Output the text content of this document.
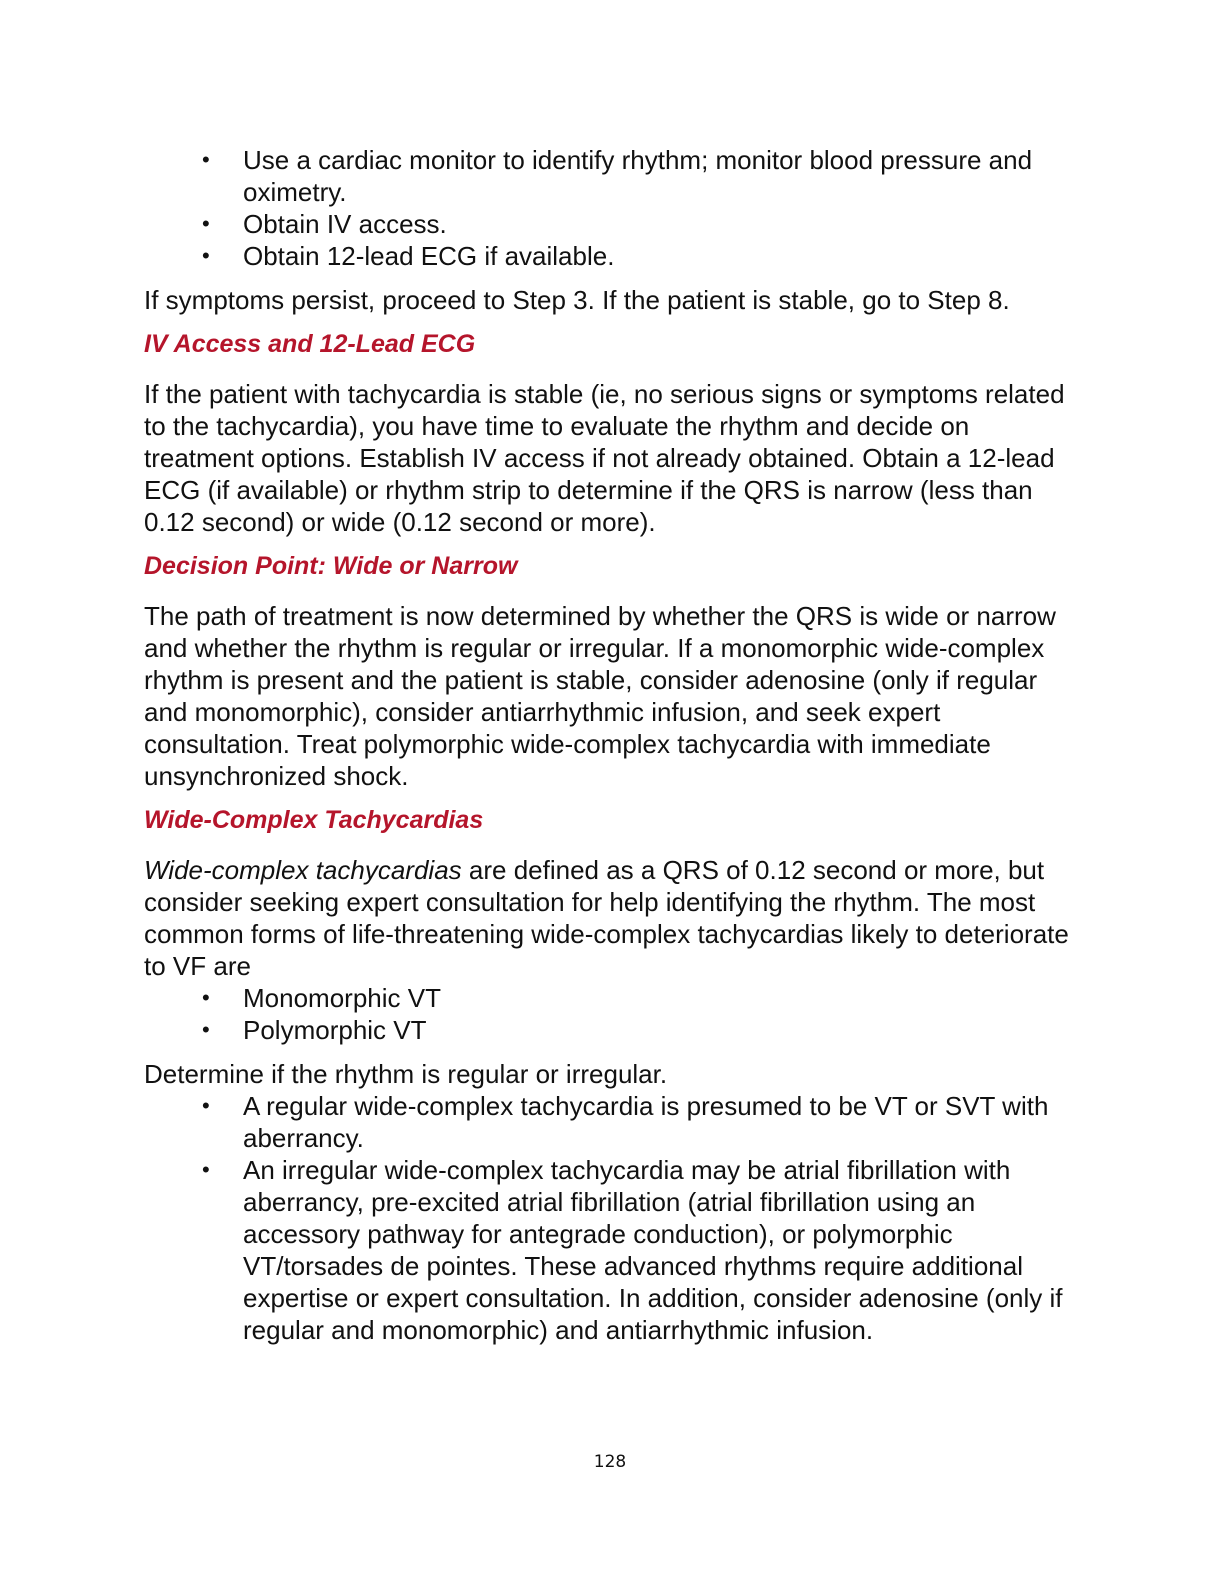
• Use a cardiac monitor to identify rhythm; monitor blood pressure and oximetry.
• Obtain IV access.
• Obtain 12-lead ECG if available.

If symptoms persist, proceed to Step 3. If the patient is stable, go to Step 8.

IV Access and 12-Lead ECG

If the patient with tachycardia is stable (ie, no serious signs or symptoms related to the tachycardia), you have time to evaluate the rhythm and decide on treatment options. Establish IV access if not already obtained. Obtain a 12-lead ECG (if available) or rhythm strip to determine if the QRS is narrow (less than 0.12 second) or wide (0.12 second or more).

Decision Point: Wide or Narrow

The path of treatment is now determined by whether the QRS is wide or narrow and whether the rhythm is regular or irregular. If a monomorphic wide-complex rhythm is present and the patient is stable, consider adenosine (only if regular and monomorphic), consider antiarrhythmic infusion, and seek expert consultation. Treat polymorphic wide-complex tachycardia with immediate unsynchronized shock.

Wide-Complex Tachycardias

Wide-complex tachycardias are defined as a QRS of 0.12 second or more, but consider seeking expert consultation for help identifying the rhythm. The most common forms of life-threatening wide-complex tachycardias likely to deteriorate to VF are

• Monomorphic VT
• Polymorphic VT

Determine if the rhythm is regular or irregular.

• A regular wide-complex tachycardia is presumed to be VT or SVT with aberrancy.
• An irregular wide-complex tachycardia may be atrial fibrillation with aberrancy, pre-excited atrial fibrillation (atrial fibrillation using an accessory pathway for antegrade conduction), or polymorphic VT/torsades de pointes. These advanced rhythms require additional expertise or expert consultation. In addition, consider adenosine (only if regular and monomorphic) and antiarrhythmic infusion.
128
